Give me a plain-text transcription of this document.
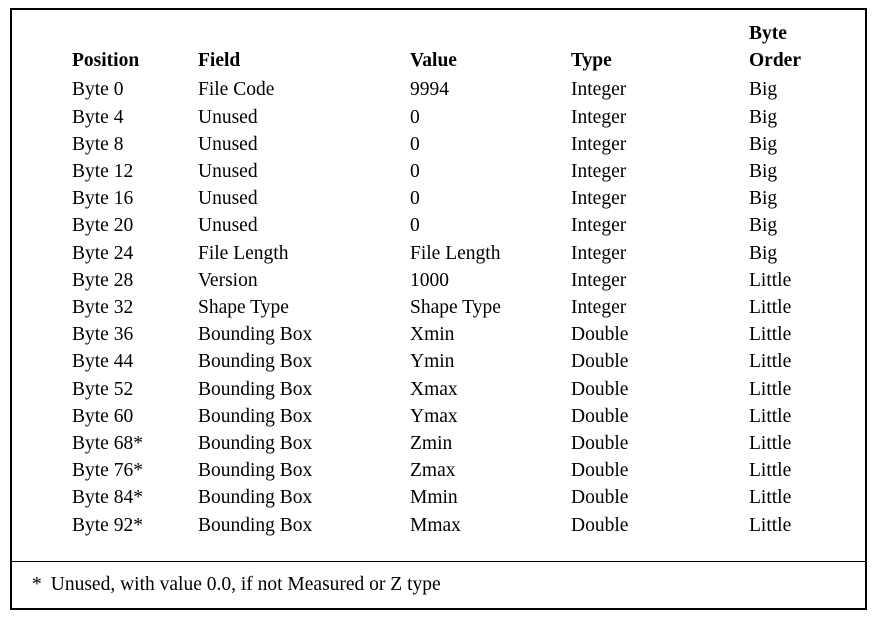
Position	Field	Value	Type	Byte
Order

Byte 0	File Code	9994	Integer	Big
Byte 4	Unused	0	Integer	Big
Byte 8	Unused	0	Integer	Big
Byte 12	Unused	0	Integer	Big
Byte 16	Unused	0	Integer	Big
Byte 20	Unused	0	Integer	Big
Byte 24	File Length	File Length	Integer	Big
Byte 28	Version	1000	Integer	Little
Byte 32	Shape Type	Shape Type	Integer	Little
Byte 36	Bounding Box	Xmin	Double	Little
Byte 44	Bounding Box	Ymin	Double	Little
Byte 52	Bounding Box	Xmax	Double	Little
Byte 60	Bounding Box	Ymax	Double	Little
Byte 68*	Bounding Box	Zmin	Double	Little
Byte 76*	Bounding Box	Zmax	Double	Little
Byte 84*	Bounding Box	Mmin	Double	Little
Byte 92*	Bounding Box	Mmax	Double	Little
* Unused, with value 0.0, if not Measured or Z type
